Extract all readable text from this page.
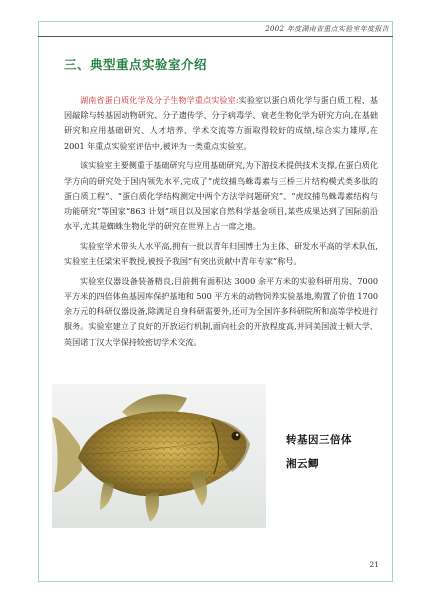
2002 年度湖南省重点实验室年度报告
三、典型重点实验室介绍

湖南省蛋白质化学及分子生物学重点实验室:实验室以蛋白质化学与蛋白质工程、基因敲除与转基因动物研究、分子遗传学、分子病毒学、衰老生物化学为研究方向,在基础研究和应用基础研究、人才培养、学术交流等方面取得较好的成绩,综合实力雄厚,在 2001 年重点实验室评估中,被评为一类重点实验室。

该实验室主要侧重于基础研究与应用基础研究,为下游技术提供技术支撑,在蛋白质化学方向的研究处于国内领先水平,完成了“虎纹捕鸟蛛毒素与三桥三片结构模式类多肽的蛋白质工程”、“蛋白质化学结构测定中两个方法学问题研究”、“虎纹捕鸟蛛毒素结构与功能研究”等国家“863 计划”项目以及国家自然科学基金项目,某些成果达到了国际前沿水平,尤其是蜘蛛生物化学的研究在世界上占一席之地。

实验室学术带头人水平高,拥有一批以青年归国博士为主体、研发水平高的学术队伍,实验室主任梁宋平教授,被授予我国“有突出贡献中青年专家”称号。

实验室仪器设备装备精良,目前拥有面积达 3000 余平方米的实验科研用房、7000 平方米的四倍体鱼基因库保护基地和 500 平方米的动物饲养实验基地,购置了价值 1700 余万元的科研仪器设备,除满足自身科研需要外,还可为全国许多科研院所和高等学校进行服务。实验室建立了良好的开放运行机制,面向社会的开放程度高,并同美国波士顿大学、英国诺丁汉大学保持较密切学术交流。

转基因三倍体
湘云鲫
21
